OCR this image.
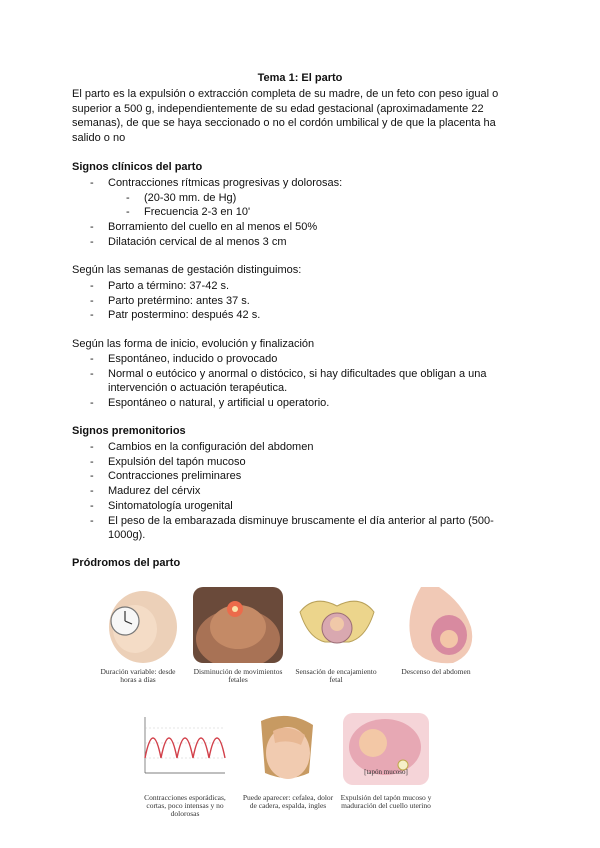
Tema 1: El parto
El parto es la expulsión o extracción completa de su madre, de un feto con peso igual o superior a 500 g, independientemente de su edad gestacional (aproximadamente 22 semanas), de que se haya seccionado o no el cordón umbilical y de que la placenta ha salido o no
Signos clínicos del parto
- Contracciones rítmicas progresivas y dolorosas:
- (20-30 mm. de Hg)
- Frecuencia 2-3 en 10'
- Borramiento del cuello en al menos el 50%
- Dilatación cervical de al menos 3 cm
Según las semanas de gestación distinguimos:
- Parto a término: 37-42 s.
- Parto pretérmino: antes 37 s.
- Patr postermino: después 42 s.
Según las forma de inicio, evolución y finalización
- Espontáneo, inducido o provocado
- Normal o eutócico y anormal o distócico, si hay dificultades que obligan a una intervención o actuación terapéutica.
- Espontáneo o natural, y artificial u operatorio.
Signos premonitorios
- Cambios en la configuración del abdomen
- Expulsión del tapón mucoso
- Contracciones preliminares
- Madurez del cérvix
- Sintomatología urogenital
- El peso de la embarazada disminuye bruscamente el día anterior al parto (500-1000g).
Pródromos del parto
Duración variable: desde horas a días
Disminución de movimientos fetales
Sensación de encajamiento fetal
Descenso del abdomen
[tapón mucoso]
Contracciones esporádicas, cortas, poco intensas y no dolorosas
Puede aparecer: cefalea, dolor de cadera, espalda, ingles
Expulsión del tapón mucoso y maduración del cuello uterino
